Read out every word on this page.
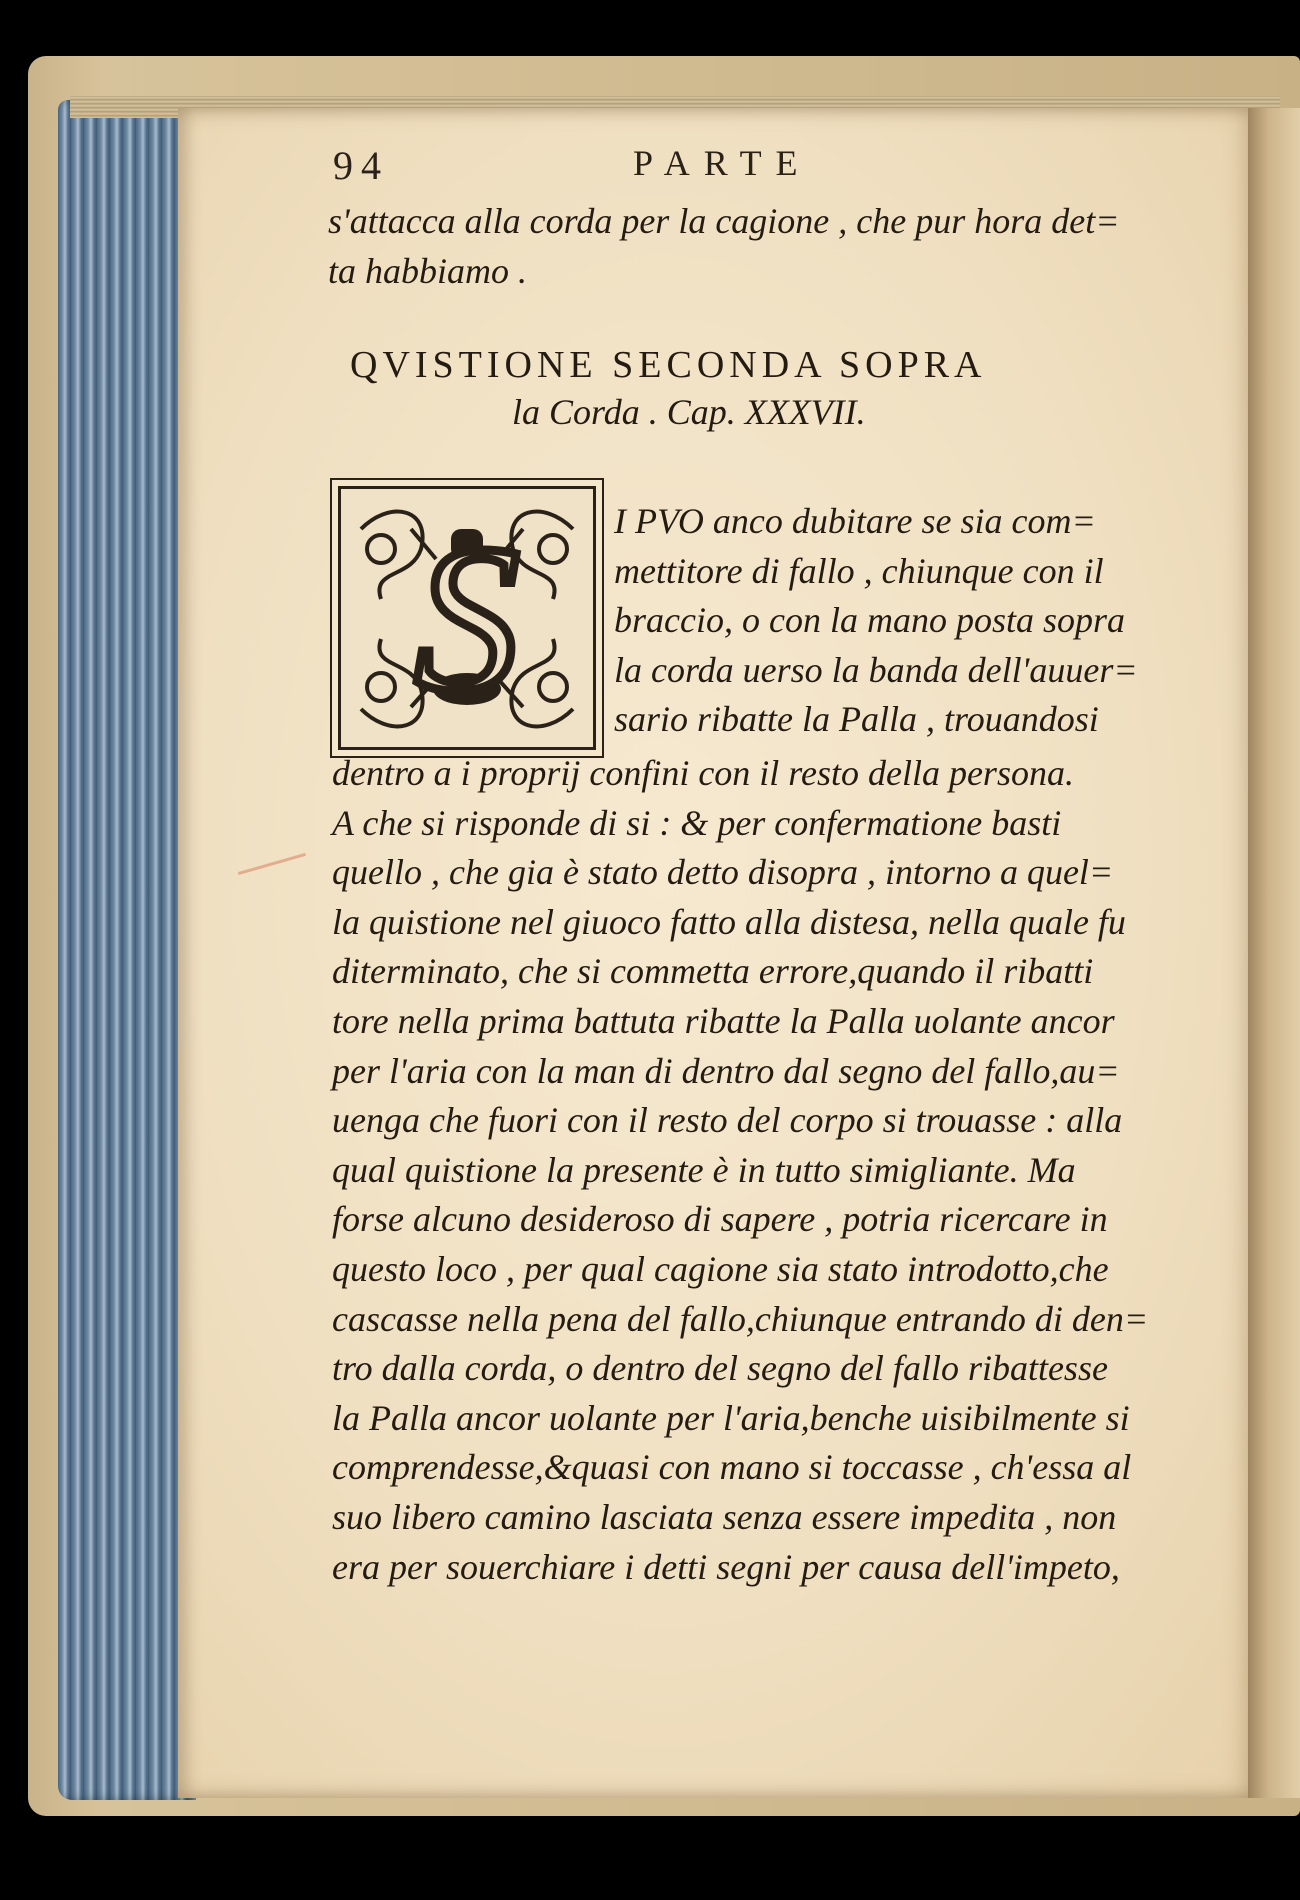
94	PARTE
s'attacca alla corda per la cagione , che pur hora det=
ta habbiamo .
QVISTIONE SECONDA SOPRA
la Corda . Cap. XXXVII.
S	I PVO anco dubitare se sia com=
mettitore di fallo , chiunque con il
braccio, o con la mano posta sopra
la corda uerso la banda dell'auuer=
sario ribatte la Palla , trouandosi
dentro a i proprij confini con il resto della persona.
A che si risponde di si : & per confermatione basti
quello , che gia è stato detto disopra , intorno a quel=
la quistione nel giuoco fatto alla distesa, nella quale fu
diterminato, che si commetta errore,quando il ribatti
tore nella prima battuta ribatte la Palla uolante ancor
per l'aria con la man di dentro dal segno del fallo,au=
uenga che fuori con il resto del corpo si trouasse : alla
qual quistione la presente è in tutto simigliante. Ma
forse alcuno desideroso di sapere , potria ricercare in
questo loco , per qual cagione sia stato introdotto,che
cascasse nella pena del fallo,chiunque entrando di den=
tro dalla corda, o dentro del segno del fallo ribattesse
la Palla ancor uolante per l'aria,benche uisibilmente si
comprendesse,&quasi con mano si toccasse , ch'essa al
suo libero camino lasciata senza essere impedita , non
era per souerchiare i detti segni per causa dell'impeto,
